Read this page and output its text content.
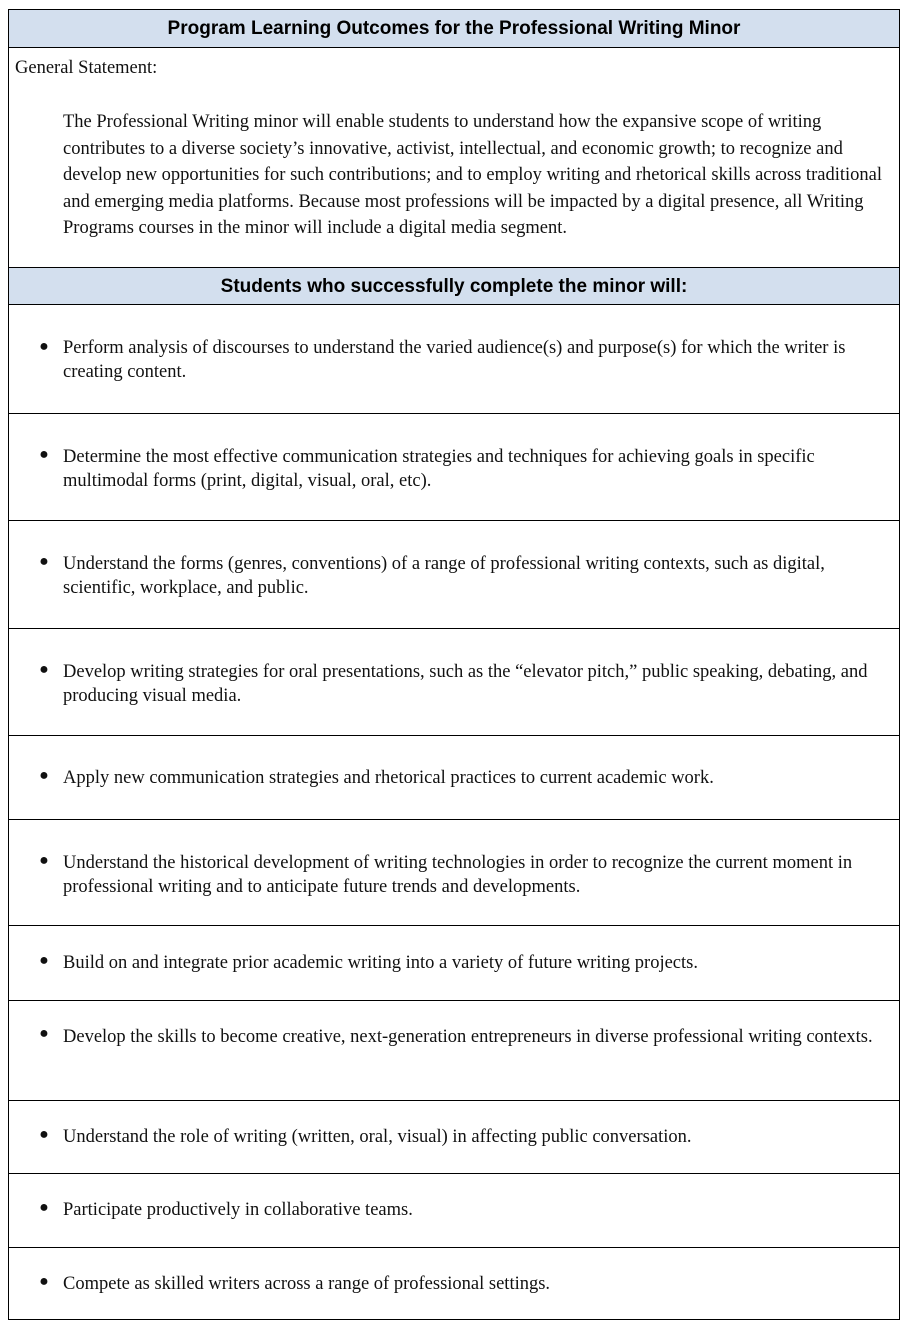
Program Learning Outcomes for the Professional Writing Minor
General Statement:
The Professional Writing minor will enable students to understand how the expansive scope of writing contributes to a diverse society’s innovative, activist, intellectual, and economic growth; to recognize and develop new opportunities for such contributions; and to employ writing and rhetorical skills across traditional and emerging media platforms. Because most professions will be impacted by a digital presence, all Writing Programs courses in the minor will include a digital media segment.
Students who successfully complete the minor will:
● Perform analysis of discourses to understand the varied audience(s) and purpose(s) for which the writer is creating content.
● Determine the most effective communication strategies and techniques for achieving goals in specific multimodal forms (print, digital, visual, oral, etc).
● Understand the forms (genres, conventions) of a range of professional writing contexts, such as digital, scientific, workplace, and public.
● Develop writing strategies for oral presentations, such as the “elevator pitch,” public speaking, debating, and producing visual media.
● Apply new communication strategies and rhetorical practices to current academic work.
● Understand the historical development of writing technologies in order to recognize the current moment in professional writing and to anticipate future trends and developments.
● Build on and integrate prior academic writing into a variety of future writing projects.
● Develop the skills to become creative, next-generation entrepreneurs in diverse professional writing contexts.
● Understand the role of writing (written, oral, visual) in affecting public conversation.
● Participate productively in collaborative teams.
● Compete as skilled writers across a range of professional settings.
